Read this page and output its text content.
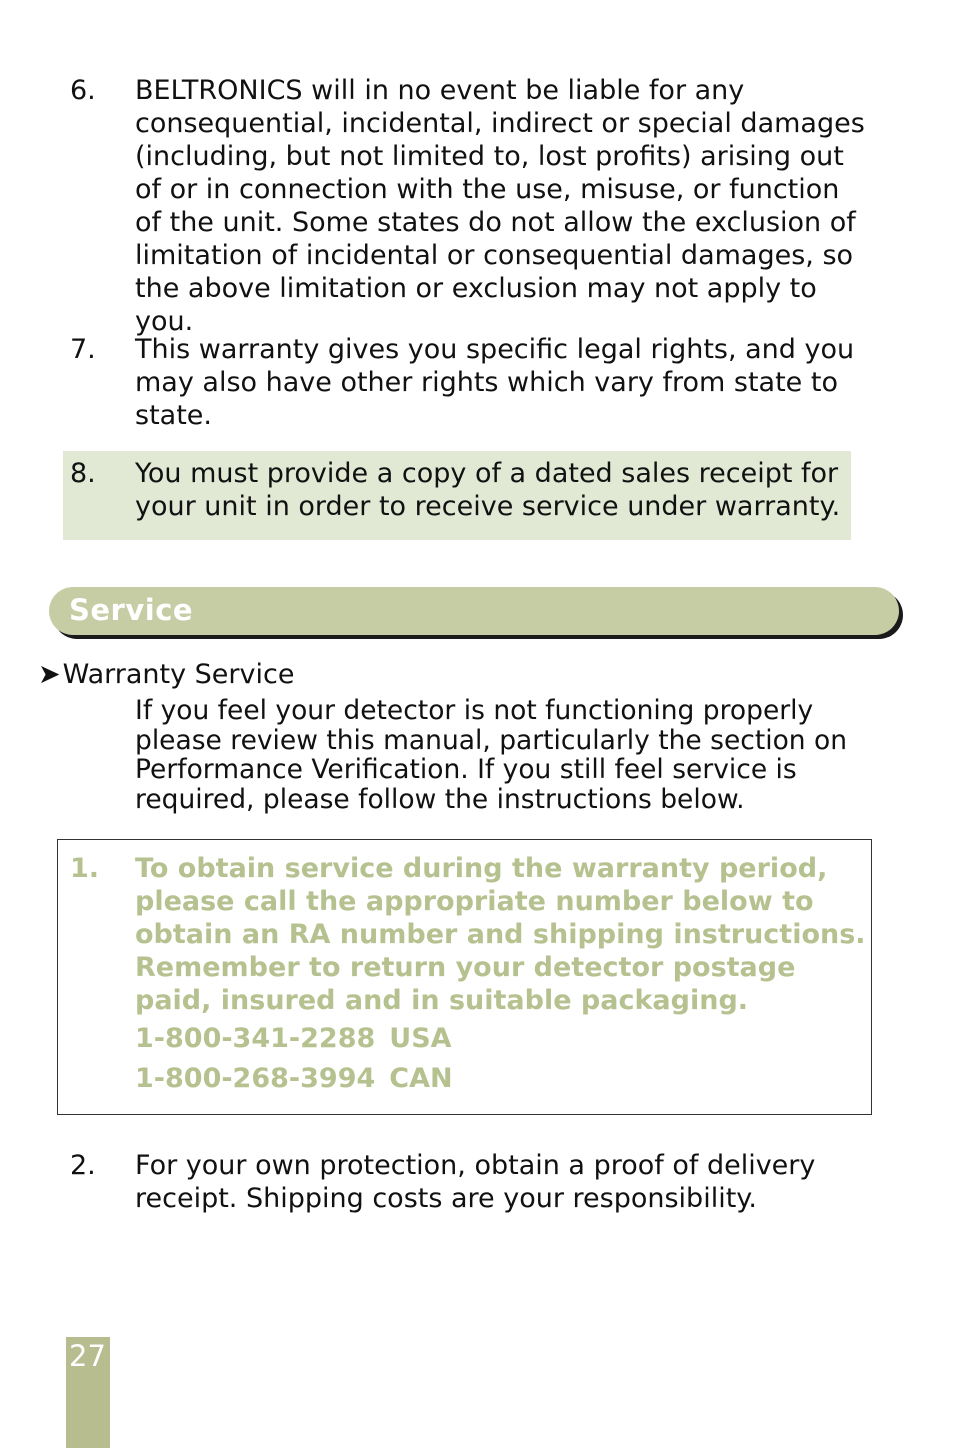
6. BELTRONICS will in no event be liable for any consequential, incidental, indirect or special damages (including, but not limited to, lost profits) arising out of or in connection with the use, misuse, or function of the unit. Some states do not allow the exclusion of limitation of incidental or consequential damages, so the above limitation or exclusion may not apply to you.
7. This warranty gives you specific legal rights, and you may also have other rights which vary from state to state.
8. You must provide a copy of a dated sales receipt for your unit in order to receive service under warranty.
Service
➤Warranty Service
If you feel your detector is not functioning properly please review this manual, particularly the section on Performance Verification. If you still feel service is required, please follow the instructions below.
1. To obtain service during the warranty period, please call the appropriate number below to obtain an RA number and shipping instructions. Remember to return your detector postage paid, insured and in suitable packaging.
1-800-341-2288 USA
1-800-268-3994 CAN
2. For your own protection, obtain a proof of delivery receipt. Shipping costs are your responsibility.
27
